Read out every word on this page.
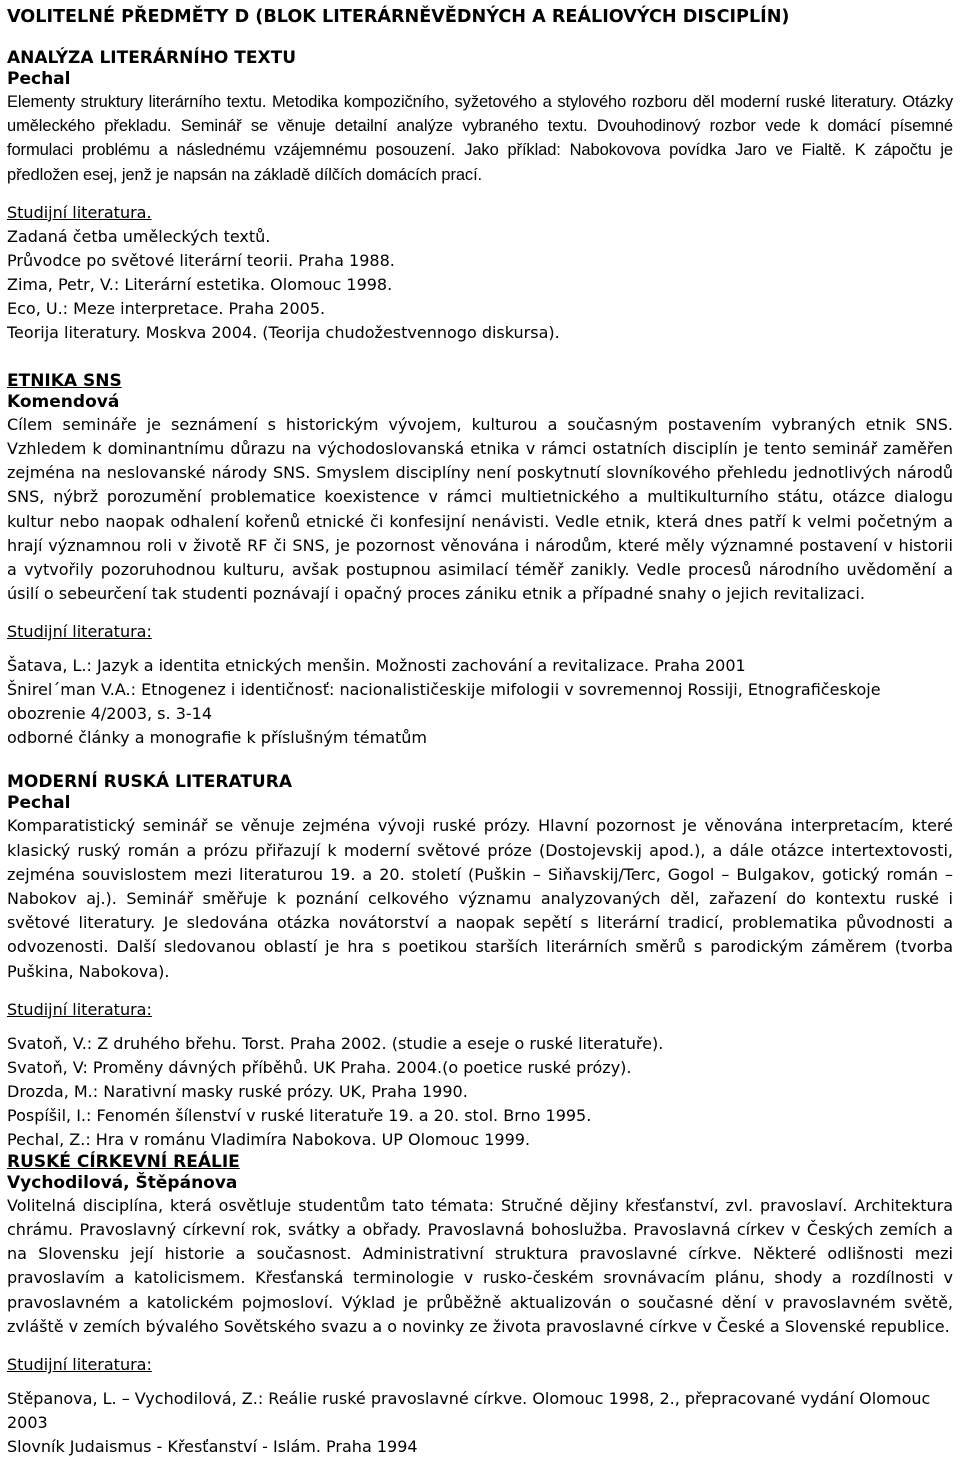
VOLITELNÉ PŘEDMĚTY D (BLOK LITERÁRNĚVĚDNÝCH A REÁLIOVÝCH DISCIPLÍN)
ANALÝZA LITERÁRNÍHO TEXTU
Pechal

Elementy struktury literárního textu. Metodika kompozičního, syžetového a stylového rozboru děl moderní ruské literatury. Otázky uměleckého překladu. Seminář se věnuje detailní analýze vybraného textu. Dvouhodinový rozbor vede k domácí písemné formulaci problému a následnému vzájemnému posouzení. Jako příklad: Nabokovova povídka Jaro ve Fialtě. K zápočtu je předložen esej, jenž je napsán na základě dílčích domácích prací.

Studijní literatura.

Zadaná četba uměleckých textů.
Průvodce po světové literární teorii. Praha 1988.
Zima, Petr, V.: Literární estetika. Olomouc 1998.
Eco, U.: Meze interpretace. Praha 2005.
Teorija literatury. Moskva 2004. (Teorija chudožestvennogo diskursa).
ETNIKA SNS
Komendová

Cílem semináře je seznámení s historickým vývojem, kulturou a současným postavením vybraných etnik SNS. Vzhledem k dominantnímu důrazu na východoslovanská etnika v rámci ostatních disciplín je tento seminář zaměřen zejména na neslovanské národy SNS. Smyslem disciplíny není poskytnutí slovníkového přehledu jednotlivých národů SNS, nýbrž porozumění problematice koexistence v rámci multietnického a multikulturního státu, otázce dialogu kultur nebo naopak odhalení kořenů etnické či konfesijní nenávisti. Vedle etnik, která dnes patří k velmi početným a hrají významnou roli v životě RF či SNS, je pozornost věnována i národům, které měly významné postavení v historii a vytvořily pozoruhodnou kulturu, avšak postupnou asimilací téměř zanikly. Vedle procesů národního uvědomění a úsilí o sebeurčení tak studenti poznávají i opačný proces zániku etnik a případné snahy o jejich revitalizaci.

Studijní literatura:

Šatava, L.: Jazyk a identita etnických menšin. Možnosti zachování a revitalizace. Praha 2001
Šnirel´man V.A.: Etnogenez i identičnosť: nacionalističeskije mifologii v sovremennoj Rossiji, Etnografičeskoje obozrenie 4/2003, s. 3-14
odborné články a monografie k příslušným tématům
MODERNÍ RUSKÁ LITERATURA
Pechal

Komparatistický seminář se věnuje zejména vývoji ruské prózy. Hlavní pozornost je věnována interpretacím, které klasický ruský román a prózu přiřazují k moderní světové próze (Dostojevskij apod.), a dále otázce intertextovosti, zejména souvislostem mezi literaturou 19. a 20. století (Puškin – Siňavskij/Terc, Gogol – Bulgakov, gotický román – Nabokov aj.). Seminář směřuje k poznání celkového významu analyzovaných děl, zařazení do kontextu ruské i světové literatury. Je sledována otázka novátorství a naopak sepětí s literární tradicí, problematika původnosti a odvozenosti. Další sledovanou oblastí je hra s poetikou starších literárních směrů s parodickým záměrem (tvorba Puškina, Nabokova).

Studijní literatura:

Svatoň, V.: Z druhého břehu. Torst. Praha 2002. (studie a eseje o ruské literatuře).
Svatoň, V: Proměny dávných příběhů. UK Praha. 2004.(o poetice ruské prózy).
Drozda, M.: Narativní masky ruské prózy. UK, Praha 1990.
Pospíšil, I.: Fenomén šílenství v ruské literatuře 19. a 20. stol. Brno 1995.
Pechal, Z.: Hra v románu Vladimíra Nabokova. UP Olomouc 1999.
RUSKÉ CÍRKEVNÍ REÁLIE
Vychodilová, Štěpánova

Volitelná disciplína, která osvětluje studentům tato témata: Stručné dějiny křesťanství, zvl. pravoslaví. Architektura chrámu. Pravoslavný církevní rok, svátky a obřady. Pravoslavná bohoslužba. Pravoslavná církev v Českých zemích a na Slovensku její historie a současnost. Administrativní struktura pravoslavné církve. Některé odlišnosti mezi pravoslavím a katolicismem. Křesťanská terminologie v rusko-českém srovnávacím plánu, shody a rozdílnosti v pravoslavném a katolickém pojmosloví. Výklad je průběžně aktualizován o současné dění v pravoslavném světě, zvláště v zemích bývalého Sovětského svazu a o novinky ze života pravoslavné církve v České a Slovenské republice.

Studijní literatura:

Stěpanova, L. – Vychodilová, Z.: Reálie ruské pravoslavné církve. Olomouc 1998, 2., přepracované vydání Olomouc 2003
Slovník Judaismus - Křesťanství - Islám. Praha 1994
